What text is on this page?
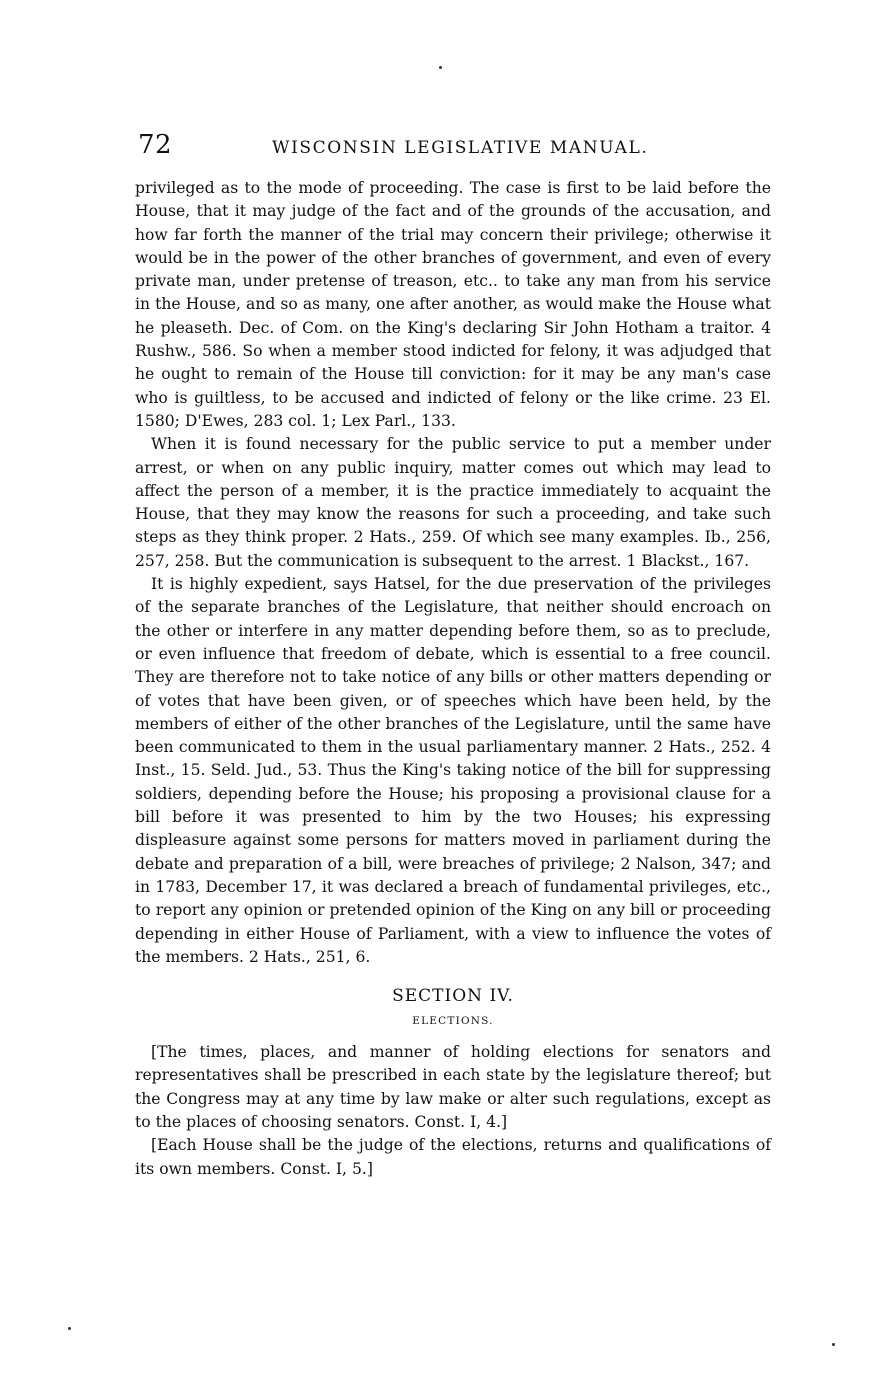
72	WISCONSIN LEGISLATIVE MANUAL.

privileged as to the mode of proceeding. The case is first to be laid before the House, that it may judge of the fact and of the grounds of the accusation, and how far forth the manner of the trial may concern their privilege; otherwise it would be in the power of the other branches of government, and even of every private man, under pretense of treason, etc.. to take any man from his service in the House, and so as many, one after another, as would make the House what he pleaseth. Dec. of Com. on the King's declaring Sir John Hotham a traitor. 4 Rushw., 586. So when a member stood indicted for felony, it was adjudged that he ought to remain of the House till conviction: for it may be any man's case who is guiltless, to be accused and indicted of felony or the like crime. 23 El. 1580; D'Ewes, 283 col. 1; Lex Parl., 133.

When it is found necessary for the public service to put a member under arrest, or when on any public inquiry, matter comes out which may lead to affect the person of a member, it is the practice immediately to acquaint the House, that they may know the reasons for such a proceeding, and take such steps as they think proper. 2 Hats., 259. Of which see many examples. Ib., 256, 257, 258. But the communication is subsequent to the arrest. 1 Blackst., 167.

It is highly expedient, says Hatsel, for the due preservation of the privileges of the separate branches of the Legislature, that neither should encroach on the other or interfere in any matter depending before them, so as to preclude, or even influence that freedom of debate, which is essential to a free council. They are therefore not to take notice of any bills or other matters depending or of votes that have been given, or of speeches which have been held, by the members of either of the other branches of the Legislature, until the same have been communicated to them in the usual parliamentary manner. 2 Hats., 252. 4 Inst., 15. Seld. Jud., 53. Thus the King's taking notice of the bill for suppressing soldiers, depending before the House; his proposing a provisional clause for a bill before it was presented to him by the two Houses; his expressing displeasure against some persons for matters moved in parliament during the debate and preparation of a bill, were breaches of privilege; 2 Nalson, 347; and in 1783, December 17, it was declared a breach of fundamental privileges, etc., to report any opinion or pretended opinion of the King on any bill or proceeding depending in either House of Parliament, with a view to influence the votes of the members. 2 Hats., 251, 6.

SECTION IV.
ELECTIONS.

[The times, places, and manner of holding elections for senators and representatives shall be prescribed in each state by the legislature thereof; but the Congress may at any time by law make or alter such regulations, except as to the places of choosing senators. Const. I, 4.]

[Each House shall be the judge of the elections, returns and qualifications of its own members. Const. I, 5.]
